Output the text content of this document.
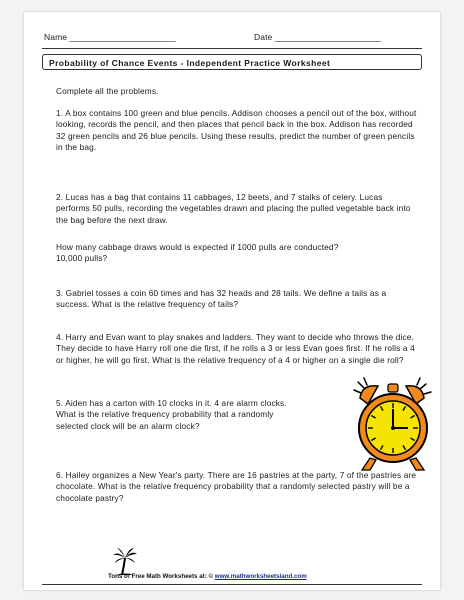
Name ______________________	Date ______________________
Probability of Chance Events - Independent Practice Worksheet
Complete all the problems.
1. A box contains 100 green and blue pencils. Addison chooses a pencil out of the box, without looking, records the pencil, and then places that pencil back in the box. Addison has recorded 32 green pencils and 26 blue pencils. Using these results, predict the number of green pencils in the bag.
2. Lucas has a bag that contains 11 cabbages, 12 beets, and 7 stalks of celery. Lucas performs 50 pulls, recording the vegetables drawn and placing the pulled vegetable back into the bag before the next draw.
How many cabbage draws would is expected if 1000 pulls are conducted? 10,000 pulls?
3. Gabriel tosses a coin 60 times and has 32 heads and 28 tails. We define a tails as a success. What is the relative frequency of tails?
4. Harry and Evan want to play snakes and ladders. They want to decide who throws the dice. They decide to have Harry roll one die first, if he rolls a 3 or less Evan goes first. If he rolls a 4 or higher, he will go first. What is the relative frequency of a 4 or higher on a single die roll?
5. Aiden has a carton with 10 clocks in it. 4 are alarm clocks. What is the relative frequency probability that a randomly selected clock will be an alarm clock?
6. Hailey organizes a New Year's party. There are 16 pastries at the party, 7 of the pastries are chocolate. What is the relative frequency probability that a randomly selected pastry will be a chocolate pastry?
Tons of Free Math Worksheets at: © www.mathworksheetsland.com
